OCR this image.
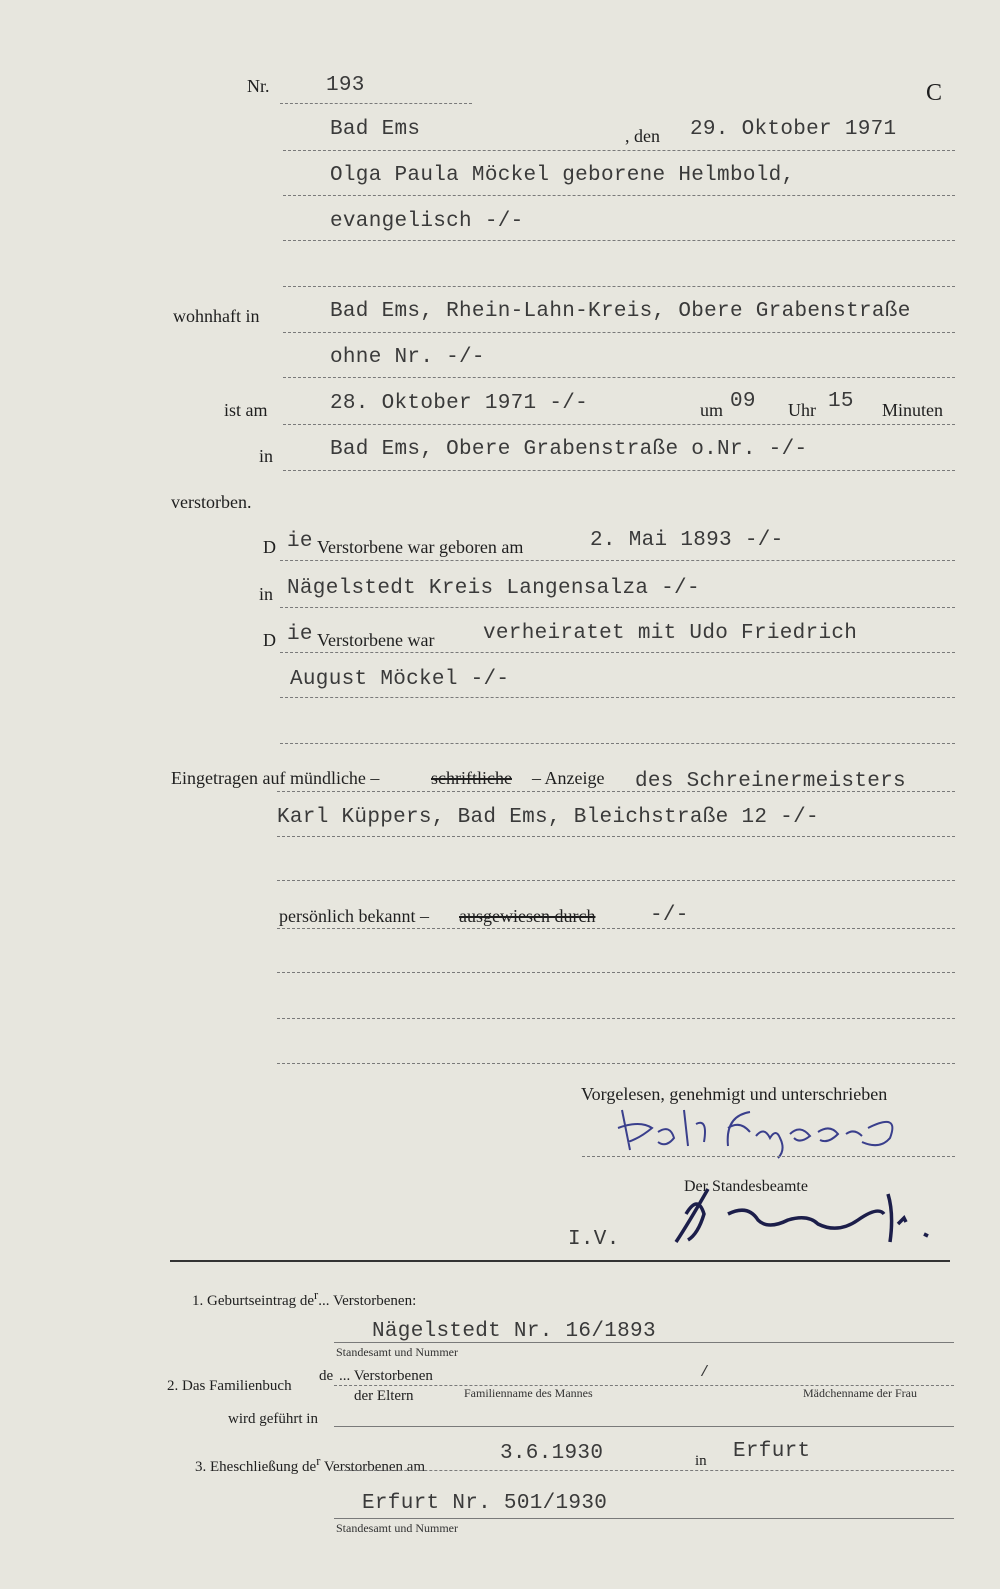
Nr.	193	C
Bad Ems	, den 29. Oktober 1971
Olga Paula Möckel geborene Helmbold,
evangelisch -/-
wohnhaft in	Bad Ems, Rhein-Lahn-Kreis, Obere Grabenstraße
ohne Nr. -/-
ist am	28. Oktober 1971 -/-	um 09 Uhr 15 Minuten
in	Bad Ems, Obere Grabenstraße o.Nr. -/-
verstorben.
D ie Verstorbene war geboren am	2. Mai 1893 -/-
in Nägelstedt Kreis Langensalza -/-
D ie Verstorbene war verheiratet mit Udo Friedrich
August Möckel -/-
Eingetragen auf mündliche –	schriftliche – Anzeige des Schreinermeisters
Karl Küppers, Bad Ems, Bleichstraße 12 -/-
persönlich bekannt – ausgewiesen durch	-/-
Vorgelesen, genehmigt und unterschrieben
Der Standesbeamte
I.V.
1. Geburtseintrag $de^r$... Verstorbenen:
Nägelstedt Nr. 16/1893
Standesamt und Nummer
de ... Verstorbenen	/
2. Das Familienbuch
der Eltern	Familienname des Mannes	Mädchenname der Frau
wird geführt in
3. Eheschließung $de^r$ Verstorbenen am
3.6.1930	in Erfurt
Erfurt Nr. 501/1930
Standesamt und Nummer
